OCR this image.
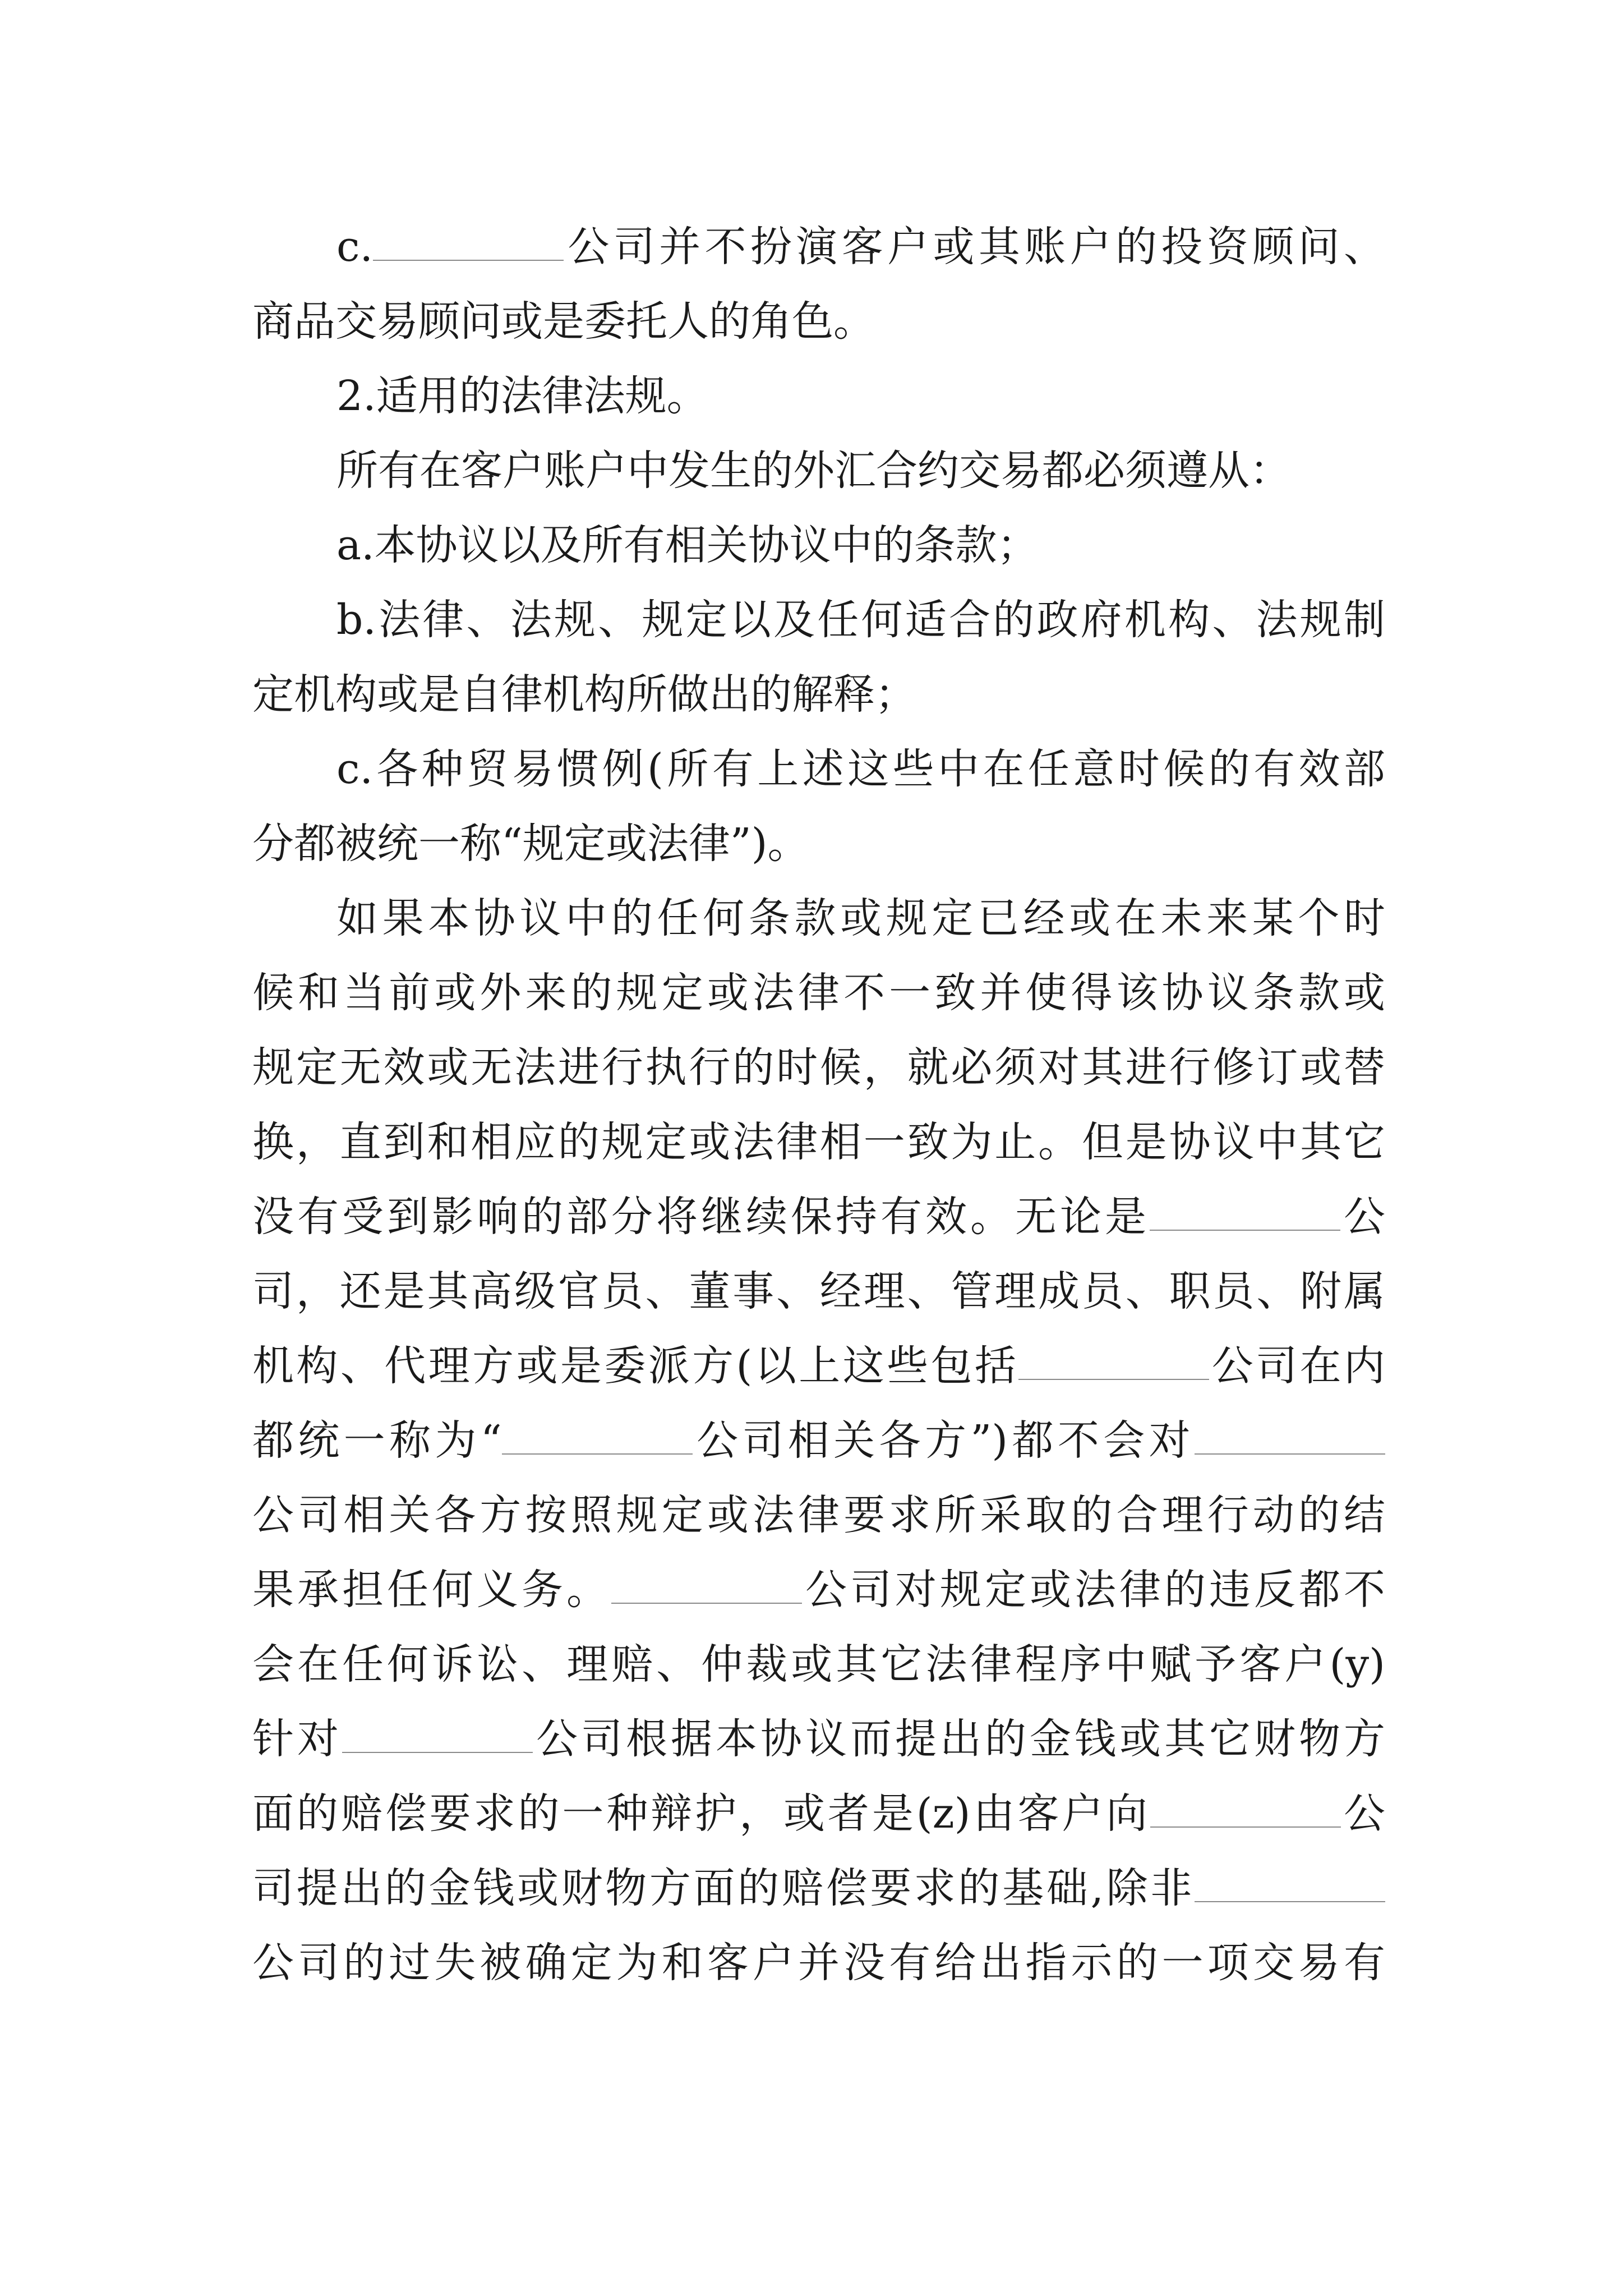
c.	公司并不扮演客户或其账户的投资顾问、
商品交易顾问或是委托人的角色。
2.适用的法律法规。
所有在客户账户中发生的外汇合约交易都必须遵从：
a.本协议以及所有相关协议中的条款；
b.法律、法规、规定以及任何适合的政府机构、法规制
定机构或是自律机构所做出的解释；
c.各种贸易惯例(所有上述这些中在任意时候的有效部
分都被统一称“规定或法律”)。
如果本协议中的任何条款或规定已经或在未来某个时
候和当前或外来的规定或法律不一致并使得该协议条款或
规定无效或无法进行执行的时候，就必须对其进行修订或替
换，直到和相应的规定或法律相一致为止。但是协议中其它
没有受到影响的部分将继续保持有效。无论是	公
司，还是其高级官员、董事、经理、管理成员、职员、附属
机构、代理方或是委派方(以上这些包括	公司在内
都统一称为“	公司相关各方”)都不会对
公司相关各方按照规定或法律要求所采取的合理行动的结
果承担任何义务。	公司对规定或法律的违反都不
会在任何诉讼、理赔、仲裁或其它法律程序中赋予客户(y)
针对	公司根据本协议而提出的金钱或其它财物方
面的赔偿要求的一种辩护，或者是(z)由客户向	公
司提出的金钱或财物方面的赔偿要求的基础,除非
公司的过失被确定为和客户并没有给出指示的一项交易有
